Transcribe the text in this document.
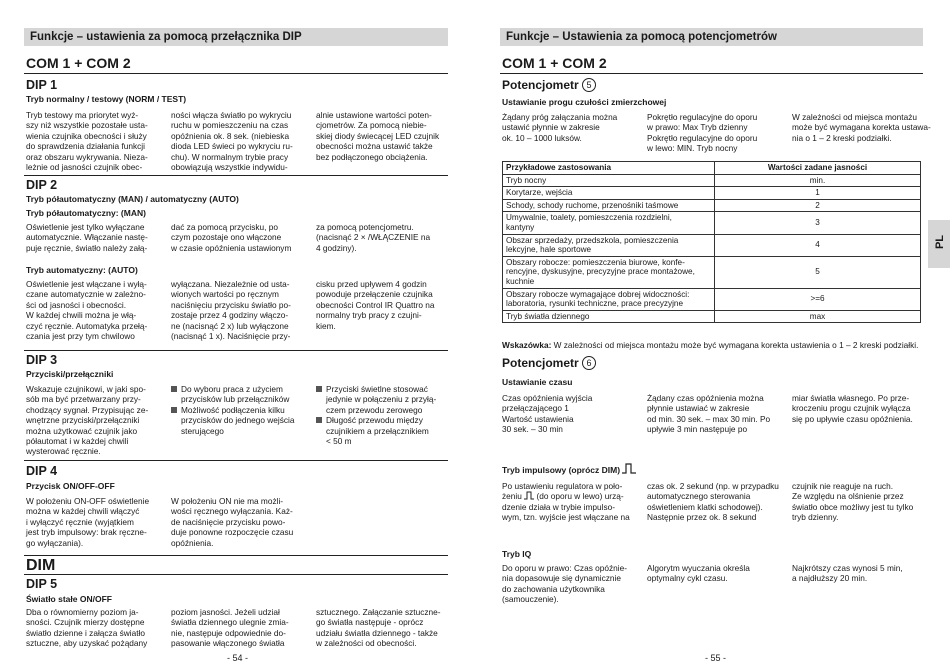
Funkcje – ustawienia za pomocą przełącznika DIP
COM 1 + COM 2
DIP 1
Tryb normalny / testowy (NORM / TEST)
Tryb testowy ma priorytet wyż-
szy niż wszystkie pozostałe usta-
wienia czujnika obecności i służy
do sprawdzenia działania funkcji
oraz obszaru wykrywania. Nieza-
leżnie od jasności czujnik obec-
ności włącza światło po wykryciu
ruchu w pomieszczeniu na czas
opóźnienia ok. 8 sek. (niebieska
dioda LED świeci po wykryciu ru-
chu). W normalnym trybie pracy
obowiązują wszystkie indywidu-
alnie ustawione wartości poten-
cjometrów. Za pomocą niebie-
skiej diody świecącej LED czujnik
obecności można ustawić także
bez podłączonego obciążenia.
DIP 2
Tryb półautomatyczny (MAN) / automatyczny (AUTO)
Tryb półautomatyczny: (MAN)
Oświetlenie jest tylko wyłączane
automatycznie. Włączanie nastę-
puje ręcznie, światło należy załą-
dać za pomocą przycisku, po
czym pozostaje ono włączone
w czasie opóźnienia ustawionym
za pomocą potencjometru.
(nacisnąć 2 × /WŁĄCZENIE na
4 godziny).
Tryb automatyczny: (AUTO)
Oświetlenie jest włączane i wyłą-
czane automatycznie w zależno-
ści od jasności i obecności.
W każdej chwili można je włą-
czyć ręcznie. Automatyka przełą-
czania jest przy tym chwilowo
wyłączana. Niezależnie od usta-
wionych wartości po ręcznym
naciśnięciu przycisku światło po-
zostaje przez 4 godziny włączo-
ne (nacisnąć 2 x) lub wyłączone
(nacisnąć 1 x). Naciśnięcie przy-
cisku przed upływem 4 godzin
powoduje przełączenie czujnika
obecności Control IR Quattro na
normalny tryb pracy z czujni-
kiem.
DIP 3
Przyciski/przełączniki
Wskazuje czujnikowi, w jaki spo-
sób ma być przetwarzany przy-
chodzący sygnał. Przypisując ze-
wnętrzne przyciski/przełączniki
można użytkować czujnik jako
półautomat i w każdej chwili
wysterować ręcznie.
Do wyboru praca z użyciem
przycisków lub przełączników
Możliwość podłączenia kilku
przycisków do jednego wejścia
sterującego
Przyciski świetlne stosować
jedynie w połączeniu z przyłą-
czem przewodu zerowego
Długość przewodu między
czujnikiem a przełącznikiem
< 50 m
DIP 4
Przycisk ON/OFF-OFF
W położeniu ON-OFF oświetlenie
można w każdej chwili włączyć
i wyłączyć ręcznie (wyjątkiem
jest tryb impulsowy: brak ręczne-
go wyłączania).
W położeniu ON nie ma możli-
wości ręcznego wyłączania. Każ-
de naciśnięcie przycisku powo-
duje ponowne rozpoczęcie czasu
opóźnienia.
DIM
DIP 5
Światło stałe ON/OFF
Dba o równomierny poziom ja-
sności. Czujnik mierzy dostępne
światło dzienne i załącza światło
sztuczne, aby uzyskać pożądany
poziom jasności. Jeżeli udział
światła dziennego ulegnie zmia-
nie, następuje odpowiednie do-
pasowanie włączonego światła
sztucznego. Załączanie sztuczne-
go światła następuje - oprócz
udziału światła dziennego - także
w zależności od obecności.
- 54 -
Funkcje – Ustawienia za pomocą potencjometrów
COM 1 + COM 2
Potencjometr 5
Ustawianie progu czułości zmierzchowej
Żądany próg załączania można
ustawić płynnie w zakresie
ok. 10 – 1000 luksów.
Pokrętło regulacyjne do oporu
w prawo: Max Tryb dzienny
Pokrętło regulacyjne do oporu
w lewo: MIN. Tryb nocny
W zależności od miejsca montażu
może być wymagana korekta ustawa-
nia o 1 – 2 kreski podziałki.
Przykładowe zastosowania	Wartości zadane jasności

Tryb nocny	min.

Korytarze, wejścia	1

Schody, schody ruchome, przenośniki taśmowe	2

Umywalnie, toalety, pomieszczenia rozdzielni,
kantyny	3

Obszar sprzedaży, przedszkola, pomieszczenia
lekcyjne, hale sportowe	4

Obszary robocze: pomieszczenia biurowe, konfe-
rencyjne, dyskusyjne, precyzyjne prace montażowe,
kuchnie	5

Obszary robocze wymagające dobrej widoczności:
laboratoria, rysunki techniczne, prace precyzyjne	>=6

Tryb światła dziennego	max
Wskazówka: W zależności od miejsca montażu może być wymagana korekta ustawienia o 1 – 2 kreski podziałki.
Potencjometr 6
Ustawianie czasu
Czas opóźnienia wyjścia
przełączającego 1
Wartość ustawienia
30 sek. – 30 min
Żądany czas opóźnienia można
płynnie ustawiać w zakresie
od min. 30 sek. – max 30 min. Po
upływie 3 min następuje po
miar światła własnego. Po prze-
kroczeniu progu czujnik wyłącza
się po upływie czasu opóźnienia.
Tryb impulsowy (oprócz DIM)
Po ustawieniu regulatora w poło-
żeniu  (do oporu w lewo) urzą-
dzenie działa w trybie impulso-
wym, tzn. wyjście jest włączane na
czas ok. 2 sekund (np. w przypadku
automatycznego sterowania
oświetleniem klatki schodowej).
Następnie przez ok. 8 sekund
czujnik nie reaguje na ruch.
Ze względu na olśnienie przez
światło obce możliwy jest tu tylko
tryb dzienny.
Tryb IQ
Do oporu w prawo: Czas opóźnie-
nia dopasowuje się dynamicznie
do zachowania użytkownika
(samouczenie).
Algorytm wyuczania określa
optymalny cykl czasu.
Najkrótszy czas wynosi 5 min,
a najdłuższy 20 min.
- 55 -
PL
